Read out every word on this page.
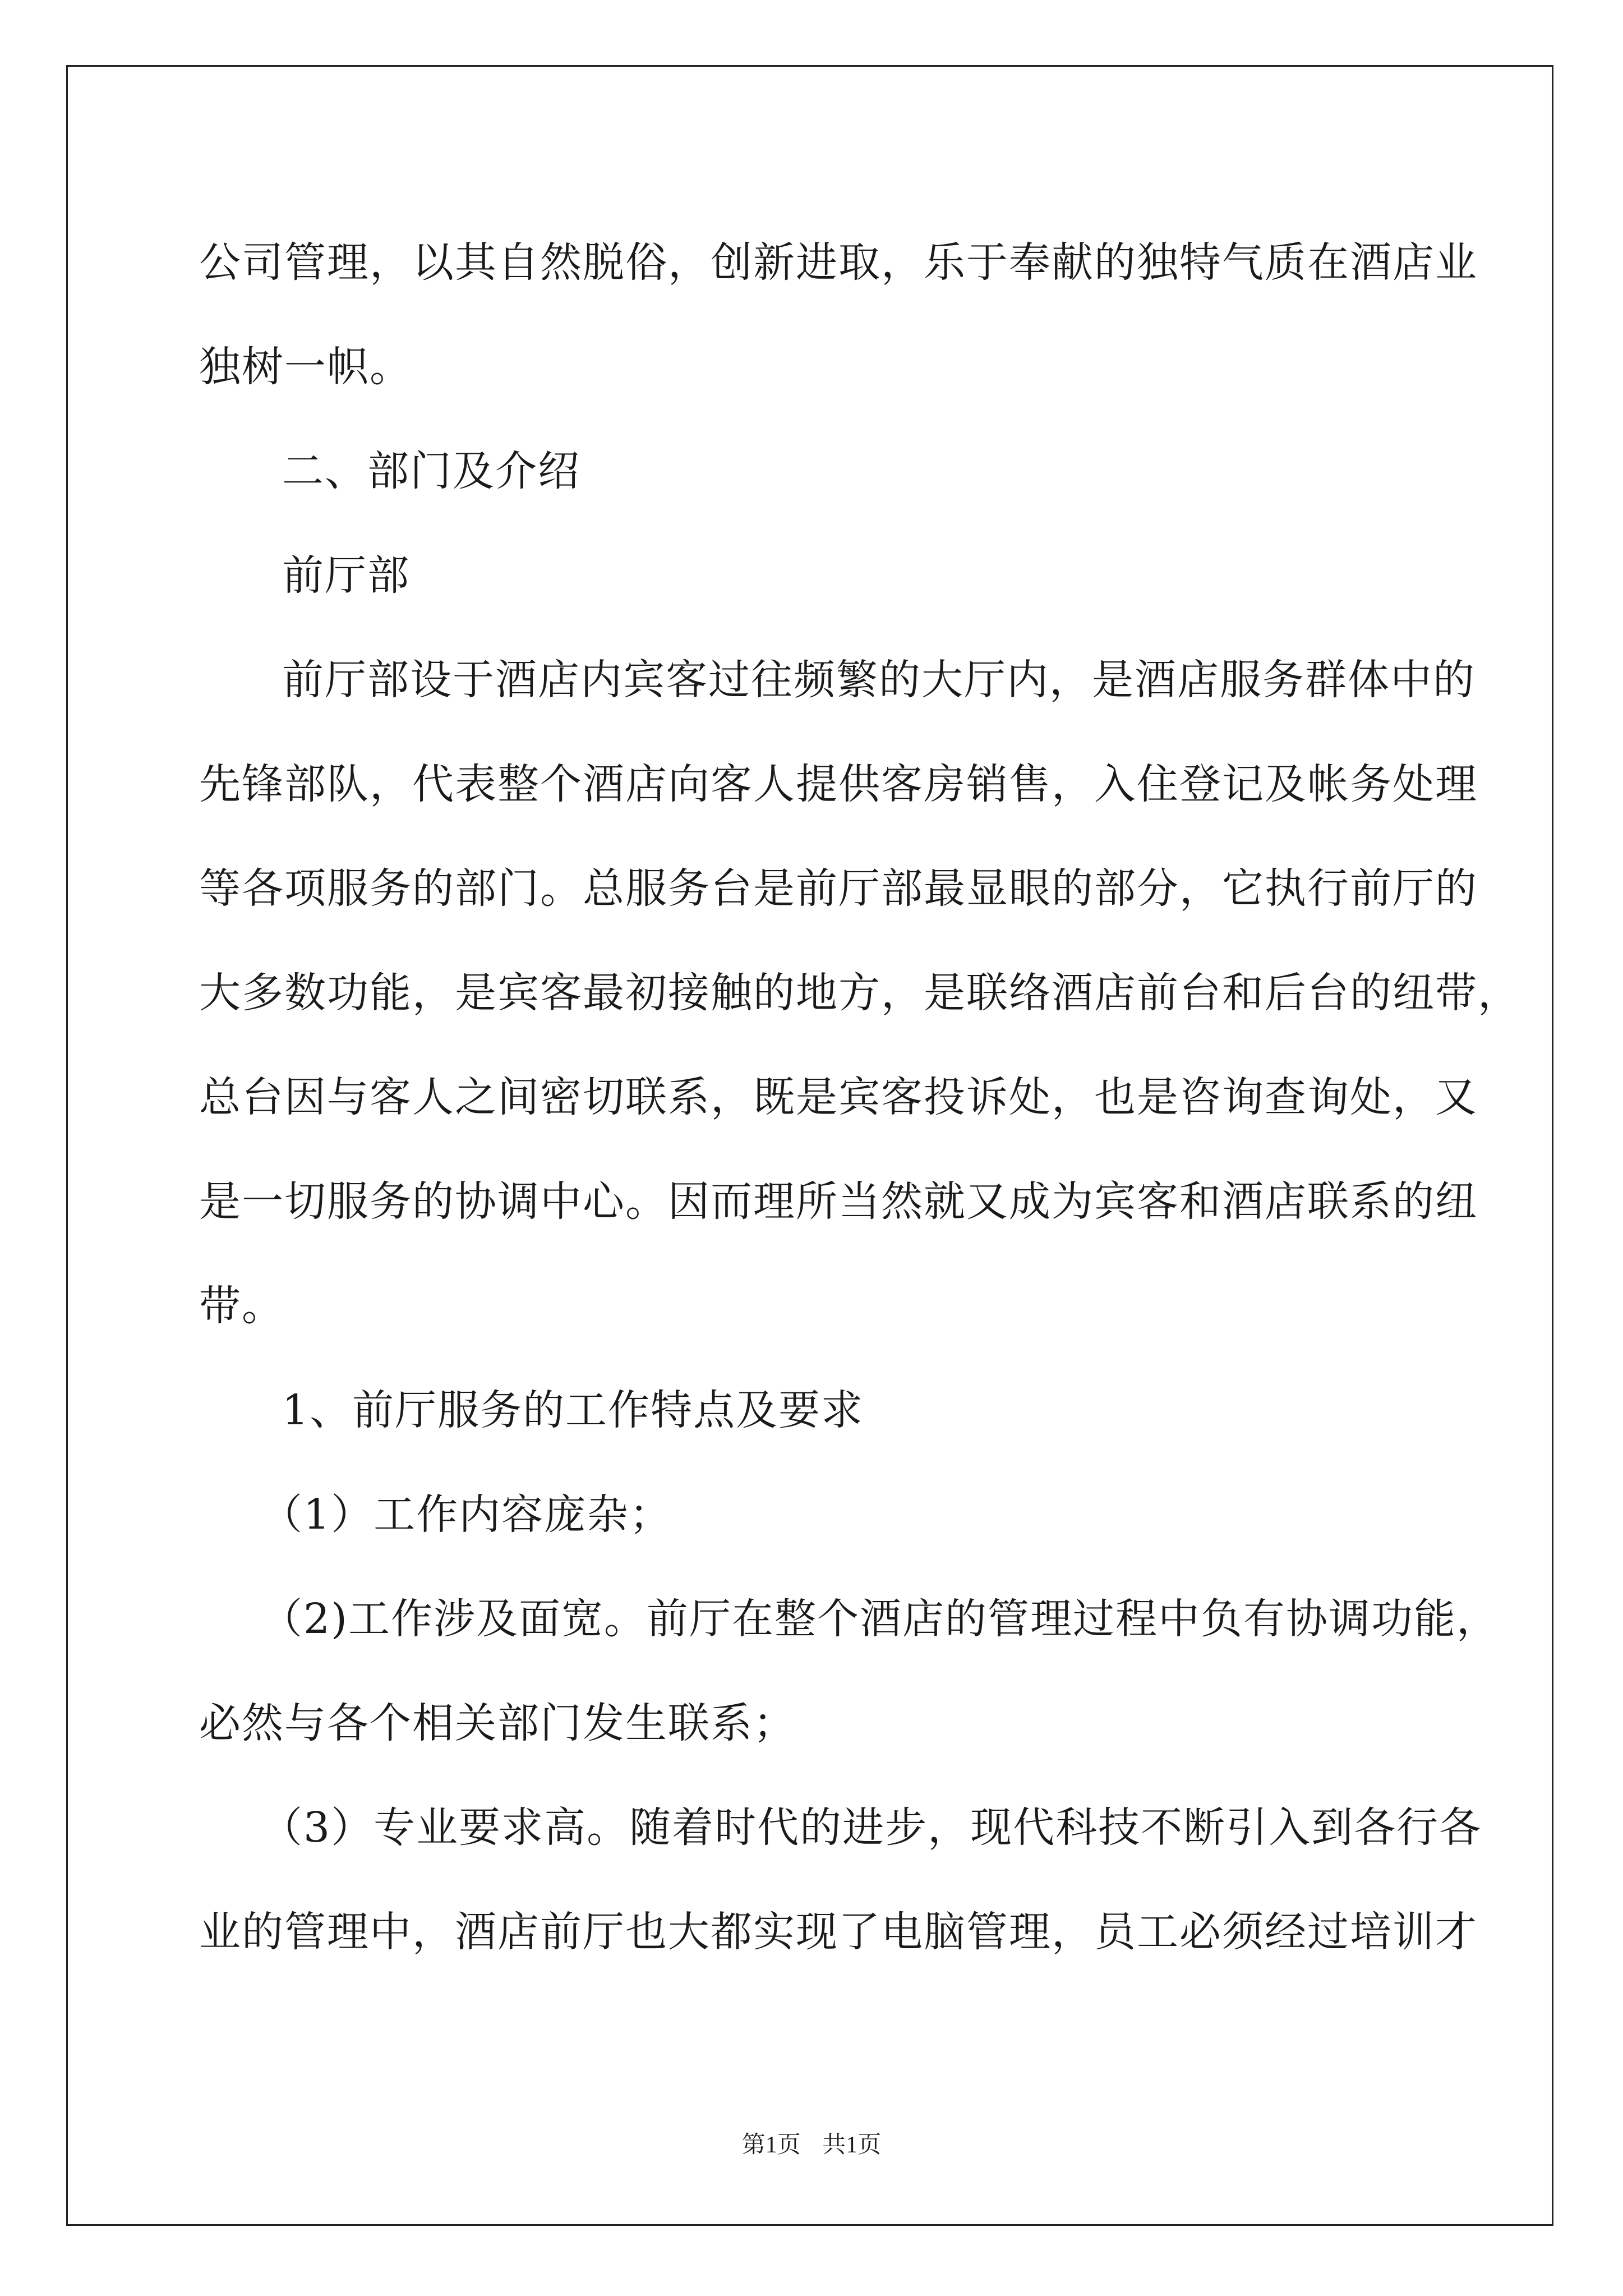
公司管理，以其自然脱俗，创新进取，乐于奉献的独特气质在酒店业
独树一帜。
二、部门及介绍
前厅部
前厅部设于酒店内宾客过往频繁的大厅内，是酒店服务群体中的
先锋部队，代表整个酒店向客人提供客房销售，入住登记及帐务处理
等各项服务的部门。总服务台是前厅部最显眼的部分，它执行前厅的
大多数功能，是宾客最初接触的地方，是联络酒店前台和后台的纽带，
总台因与客人之间密切联系，既是宾客投诉处，也是咨询查询处，又
是一切服务的协调中心。因而理所当然就又成为宾客和酒店联系的纽
带。
1、前厅服务的工作特点及要求
（1）工作内容庞杂；
（2)工作涉及面宽。前厅在整个酒店的管理过程中负有协调功能，
必然与各个相关部门发生联系；
（3）专业要求高。随着时代的进步，现代科技不断引入到各行各
业的管理中，酒店前厅也大都实现了电脑管理，员工必须经过培训才
第1页 共1页
